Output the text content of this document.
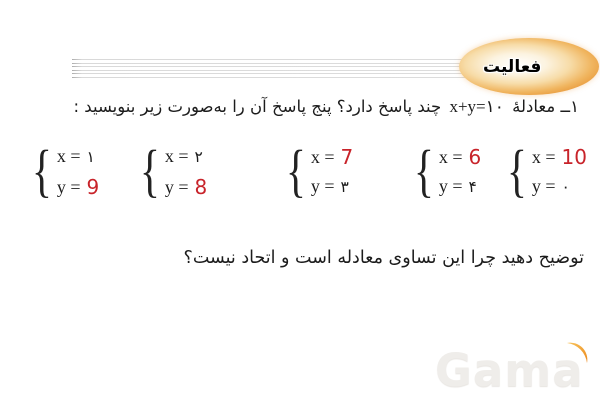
فعالیت
۱ــ معادلهٔ x+y=۱۰ چند پاسخ دارد؟ پنج پاسخ آن را به‌صورت زیر بنویسید :
{ x = ۱
y = 9 { x = ۲
y = 8 { x = 7
y = ۳ { x = 6
y = ۴ { x = 10
y = ۰
توضیح دهید چرا این تساوی معادله است و اتحاد نیست؟
Gama
